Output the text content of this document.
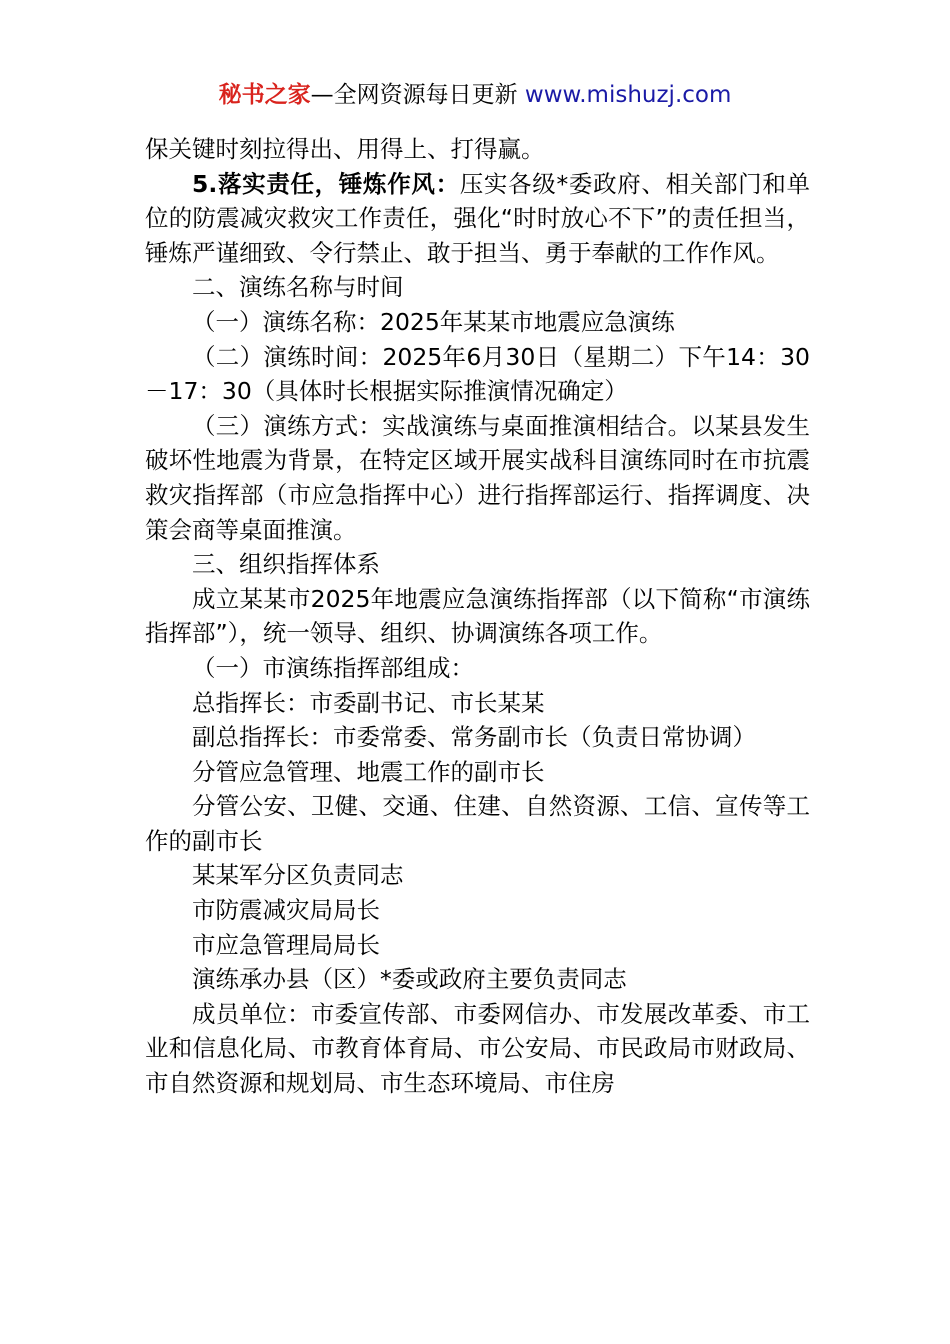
秘书之家—全网资源每日更新 www.mishuzj.com

保关键时刻拉得出、用得上、打得赢。

5.落实责任，锤炼作风：压实各级*委政府、相关部门和单位的防震减灾救灾工作责任，强化“时时放心不下”的责任担当，锤炼严谨细致、令行禁止、敢于担当、勇于奉献的工作作风。

二、演练名称与时间

（一）演练名称：2025年某某市地震应急演练

（二）演练时间：2025年6月30日（星期二）下午14：30－17：30（具体时长根据实际推演情况确定）

（三）演练方式：实战演练与桌面推演相结合。以某县发生破坏性地震为背景，在特定区域开展实战科目演练同时在市抗震救灾指挥部（市应急指挥中心）进行指挥部运行、指挥调度、决策会商等桌面推演。

三、组织指挥体系

成立某某市2025年地震应急演练指挥部（以下简称“市演练指挥部”），统一领导、组织、协调演练各项工作。

（一）市演练指挥部组成：

总指挥长：市委副书记、市长某某

副总指挥长：市委常委、常务副市长（负责日常协调）

分管应急管理、地震工作的副市长

分管公安、卫健、交通、住建、自然资源、工信、宣传等工作的副市长

某某军分区负责同志

市防震减灾局局长

市应急管理局局长

演练承办县（区）*委或政府主要负责同志

成员单位：市委宣传部、市委网信办、市发展改革委、市工业和信息化局、市教育体育局、市公安局、市民政局市财政局、市自然资源和规划局、市生态环境局、市住房
